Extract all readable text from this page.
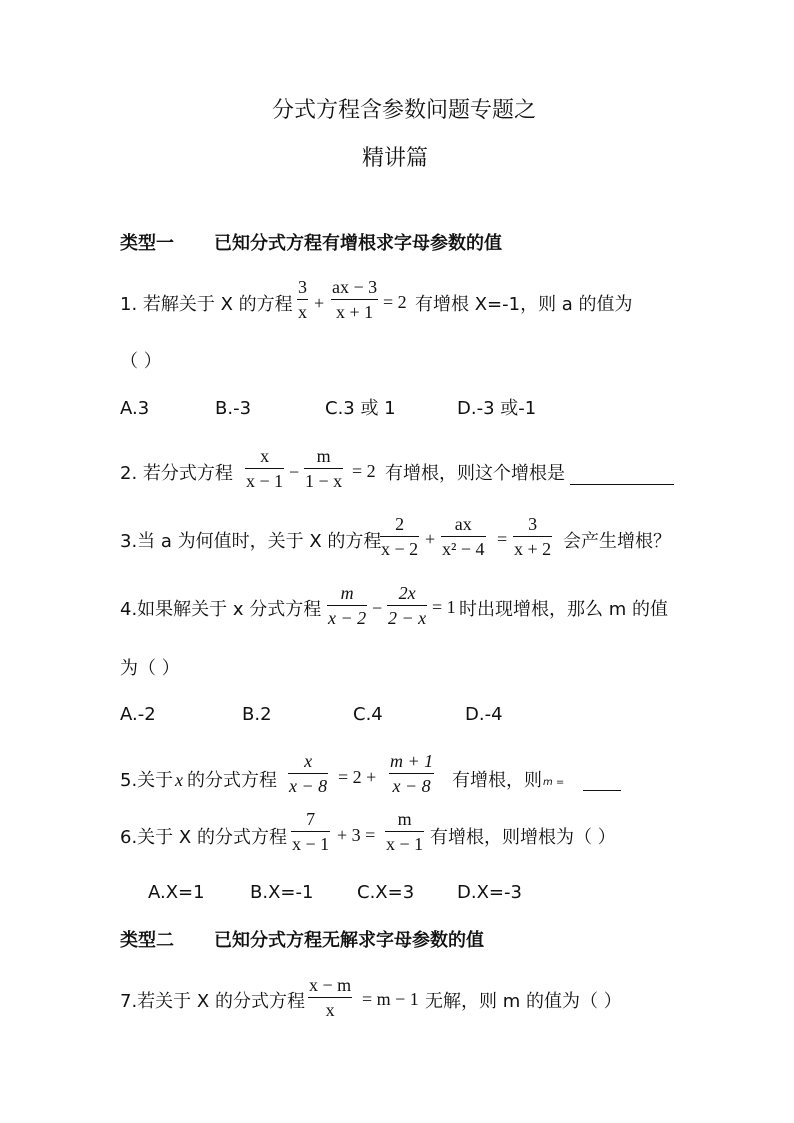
分式方程含参数问题专题之
精讲篇
类型一 已知分式方程有增根求字母参数的值
1. 若解关于 X 的方程 $\frac{3}{x} + \frac{ax - 3}{x + 1} = 2$ 有增根 X=-1，则 a 的值为
（ ）
A.3	B.-3	C.3 或 1	D.-3 或-1
2. 若分式方程 $\frac{x}{x - 1} - \frac{m}{1 - x} = 2$ 有增根，则这个增根是
3.当 a 为何值时，关于 X 的方程
$\frac{2}{x - 2} + \frac{ax}{\text{x² − 4}} = \frac{3}{x + 2}$ 会产生增根？
4.如果解关于 x 分式方程 $\frac{m}{x - 2} - \frac{2x}{2 - x} = 1$ 时出现增根，那么 m 的值
为（ ）
A.-2	B.2	C.4	D.-4
5.关于 x 的分式方程 $\frac{x}{x - 8} = 2 + \frac{m + 1}{x - 8}$ 有增根，则 m =
6.关于 X 的分式方程 $\frac{7}{x - 1} + 3 = \frac{m}{x - 1}$ 有增根，则增根为（ ）
A.X=1	B.X=-1 C.X=3 D.X=-3
类型二 已知分式方程无解求字母参数的值
7.若关于 X 的分式方程 $\frac{x - m}{x} = m - 1$ 无解，则 m 的值为（ ）
